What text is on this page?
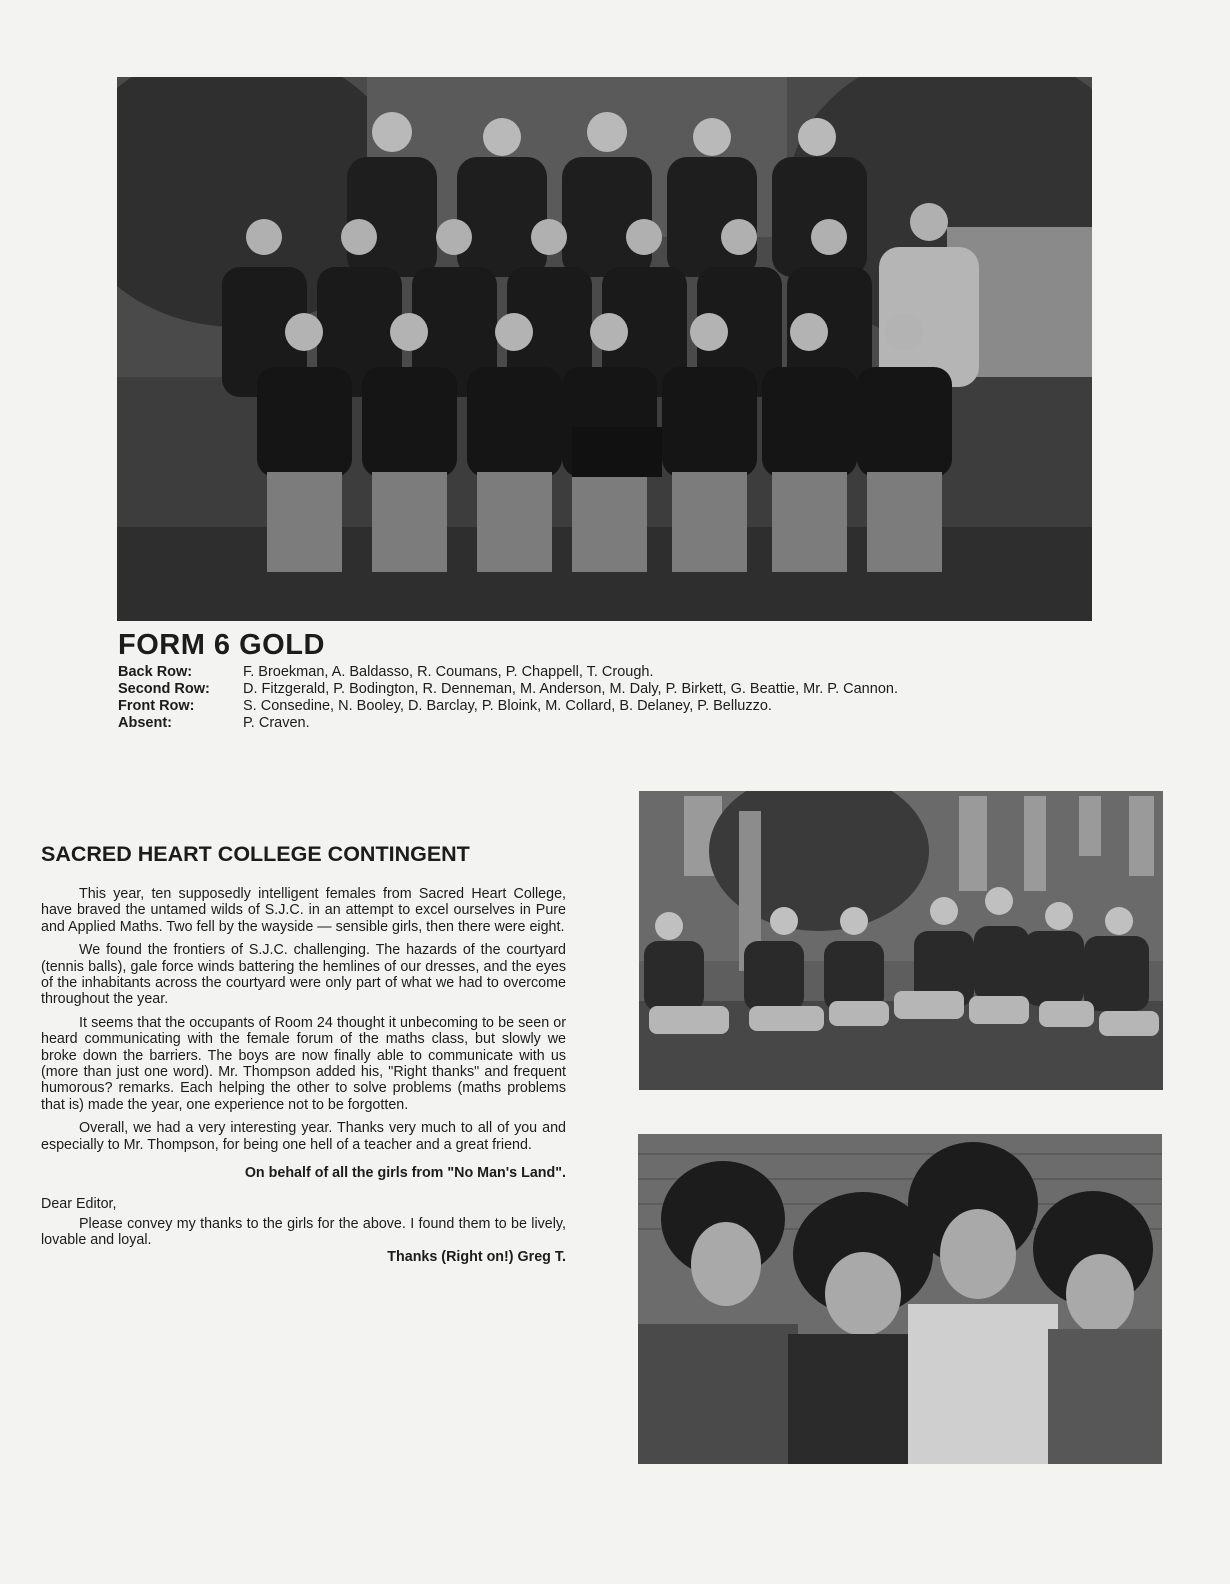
FORM 6 GOLD
Back Row:	F. Broekman, A. Baldasso, R. Coumans, P. Chappell, T. Crough.
Second Row:	D. Fitzgerald, P. Bodington, R. Denneman, M. Anderson, M. Daly, P. Birkett, G. Beattie, Mr. P. Cannon.
Front Row:	S. Consedine, N. Booley, D. Barclay, P. Bloink, M. Collard, B. Delaney, P. Belluzzo.
Absent:	P. Craven.
SACRED HEART COLLEGE CONTINGENT

This year, ten supposedly intelligent females from Sacred Heart College, have braved the untamed wilds of S.J.C. in an attempt to excel ourselves in Pure and Applied Maths. Two fell by the wayside — sensible girls, then there were eight.

We found the frontiers of S.J.C. challenging. The hazards of the courtyard (tennis balls), gale force winds battering the hemlines of our dresses, and the eyes of the inhabitants across the courtyard were only part of what we had to overcome throughout the year.

It seems that the occupants of Room 24 thought it unbecoming to be seen or heard communicating with the female forum of the maths class, but slowly we broke down the barriers. The boys are now finally able to communicate with us (more than just one word). Mr. Thompson added his, "Right thanks" and frequent humorous? remarks. Each helping the other to solve problems (maths problems that is) made the year, one experience not to be forgotten.

Overall, we had a very interesting year. Thanks very much to all of you and especially to Mr. Thompson, for being one hell of a teacher and a great friend.

On behalf of all the girls from "No Man's Land".

Dear Editor,

Please convey my thanks to the girls for the above. I found them to be lively, lovable and loyal.

Thanks (Right on!) Greg T.
